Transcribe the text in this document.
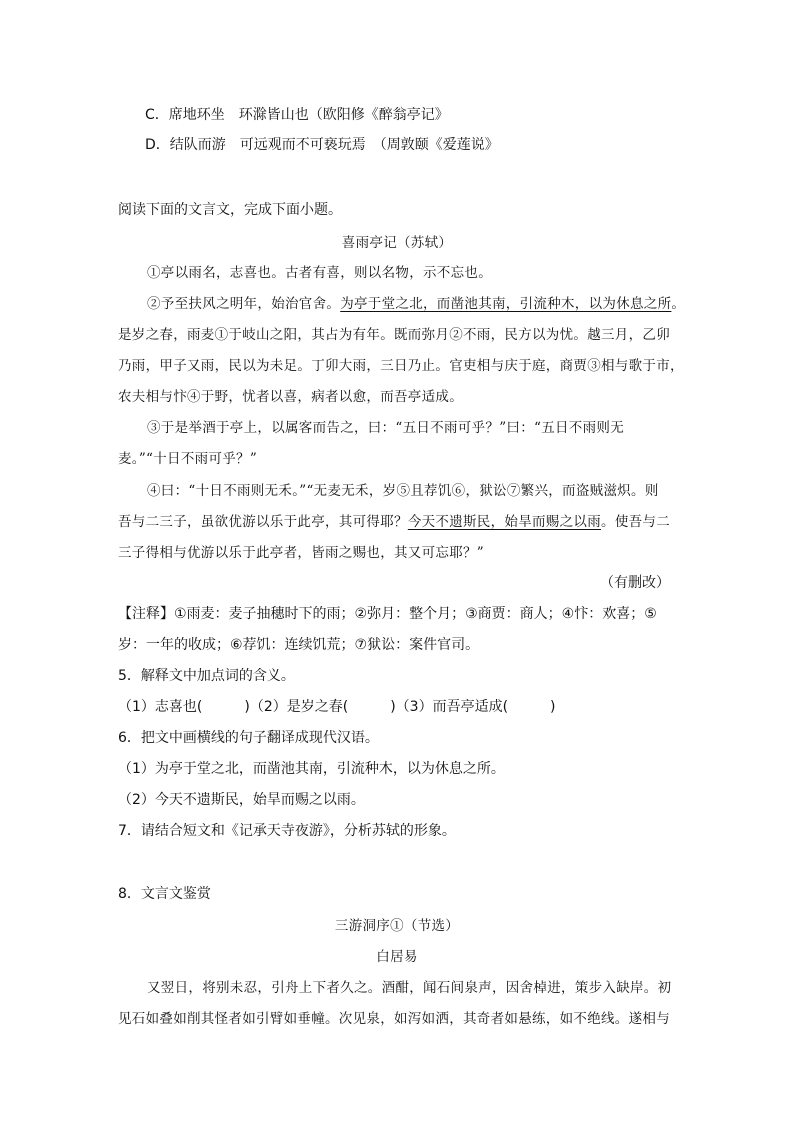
C．席地环坐　环滁皆山也（欧阳修《醉翁亭记》
D．结队而游　可远观而不可亵玩焉　（周敦颐《爱莲说》
阅读下面的文言文，完成下面小题。
喜雨亭记（苏轼）
①亭以雨名，志喜也。古者有喜，则以名物，示不忘也。
②予至扶风之明年，始治官舍。为亭于堂之北，而凿池其南，引流种木，以为休息之所。
是岁之春，雨麦①于岐山之阳，其占为有年。既而弥月②不雨，民方以为忧。越三月，乙卯
乃雨，甲子又雨，民以为未足。丁卯大雨，三日乃止。官吏相与庆于庭，商贾③相与歌于市，
农夫相与忭④于野，忧者以喜，病者以愈，而吾亭适成。
③于是举酒于亭上，以属客而告之，曰：“五日不雨可乎？”曰：“五日不雨则无
麦。”“十日不雨可乎？”
④曰：“十日不雨则无禾。”“无麦无禾，岁⑤且荐饥⑥，狱讼⑦繁兴，而盗贼滋炽。则
吾与二三子，虽欲优游以乐于此亭，其可得耶？今天不遗斯民，始旱而赐之以雨。使吾与二
三子得相与优游以乐于此亭者，皆雨之赐也，其又可忘耶？”
（有删改）
【注释】①雨麦：麦子抽穗时下的雨；②弥月：整个月；③商贾：商人；④忭：欢喜；⑤
岁：一年的收成；⑥荐饥：连续饥荒；⑦狱讼：案件官司。
5．解释文中加点词的含义。
（1）志喜也(　　　)（2）是岁之春(　　　)（3）而吾亭适成(　　　)
6．把文中画横线的句子翻译成现代汉语。
（1）为亭于堂之北，而凿池其南，引流种木，以为休息之所。
（2）今天不遗斯民，始旱而赐之以雨。
7．请结合短文和《记承天寺夜游》，分析苏轼的形象。
8．文言文鉴赏
三游洞序①（节选）
白居易
又翌日，将别未忍，引舟上下者久之。酒酣，闻石间泉声，因舍棹进，策步入缺岸。初
见石如叠如削其怪者如引臂如垂幢。次见泉，如泻如洒，其奇者如悬练，如不绝线。遂相与
